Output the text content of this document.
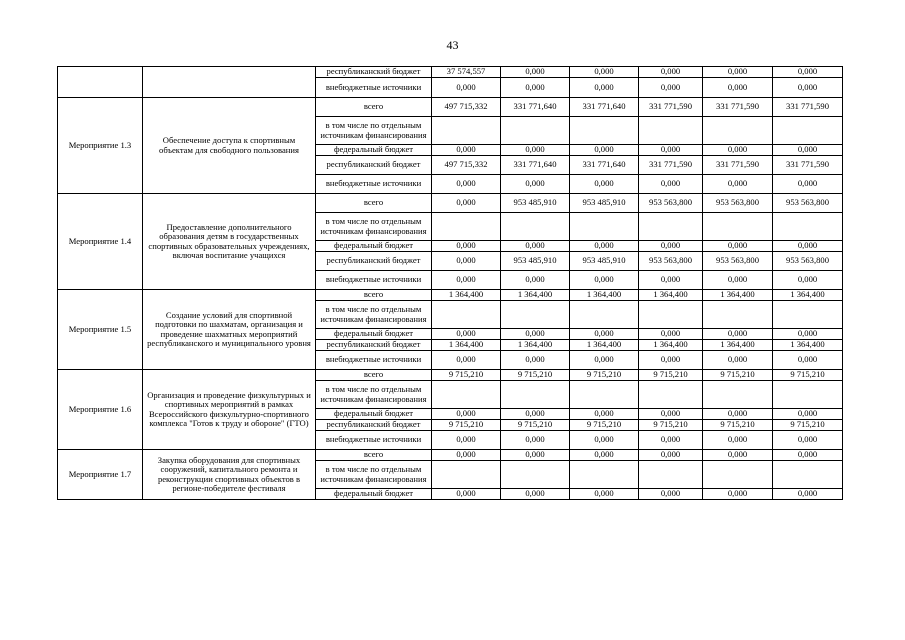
43
		республиканский бюджет	37 574,557	0,000	0,000	0,000	0,000	0,000
		внебюджетные источники	0,000	0,000	0,000	0,000	0,000	0,000
Мероприятие 1.3	Обеспечение доступа к спортивным объектам для свободного пользования	всего	497 715,332	331 771,640	331 771,640	331 771,590	331 771,590	331 771,590
		в том числе по отдельным источникам финансирования						
		федеральный бюджет	0,000	0,000	0,000	0,000	0,000	0,000
		республиканский бюджет	497 715,332	331 771,640	331 771,640	331 771,590	331 771,590	331 771,590
		внебюджетные источники	0,000	0,000	0,000	0,000	0,000	0,000
Мероприятие 1.4	Предоставление дополнительного образования детям в государственных спортивных образовательных учреждениях, включая воспитание учащихся	всего	0,000	953 485,910	953 485,910	953 563,800	953 563,800	953 563,800
		в том числе по отдельным источникам финансирования						
		федеральный бюджет	0,000	0,000	0,000	0,000	0,000	0,000
		республиканский бюджет	0,000	953 485,910	953 485,910	953 563,800	953 563,800	953 563,800
		внебюджетные источники	0,000	0,000	0,000	0,000	0,000	0,000
Мероприятие 1.5	Создание условий для спортивной подготовки по шахматам, организация и проведение шахматных мероприятий республиканского и муниципального уровня	всего	1 364,400	1 364,400	1 364,400	1 364,400	1 364,400	1 364,400
		в том числе по отдельным источникам финансирования						
		федеральный бюджет	0,000	0,000	0,000	0,000	0,000	0,000
		республиканский бюджет	1 364,400	1 364,400	1 364,400	1 364,400	1 364,400	1 364,400
		внебюджетные источники	0,000	0,000	0,000	0,000	0,000	0,000
Мероприятие 1.6	Организация и проведение физкультурных и спортивных мероприятий в рамках Всероссийского физкультурно-спортивного комплекса "Готов к труду и обороне" (ГТО)	всего	9 715,210	9 715,210	9 715,210	9 715,210	9 715,210	9 715,210
		в том числе по отдельным источникам финансирования						
		федеральный бюджет	0,000	0,000	0,000	0,000	0,000	0,000
		республиканский бюджет	9 715,210	9 715,210	9 715,210	9 715,210	9 715,210	9 715,210
		внебюджетные источники	0,000	0,000	0,000	0,000	0,000	0,000
Мероприятие 1.7	Закупка оборудования для спортивных сооружений, капитального ремонта и реконструкции спортивных объектов в регионе-победителе фестиваля	всего	0,000	0,000	0,000	0,000	0,000	0,000
		в том числе по отдельным источникам финансирования						
		федеральный бюджет	0,000	0,000	0,000	0,000	0,000	0,000
